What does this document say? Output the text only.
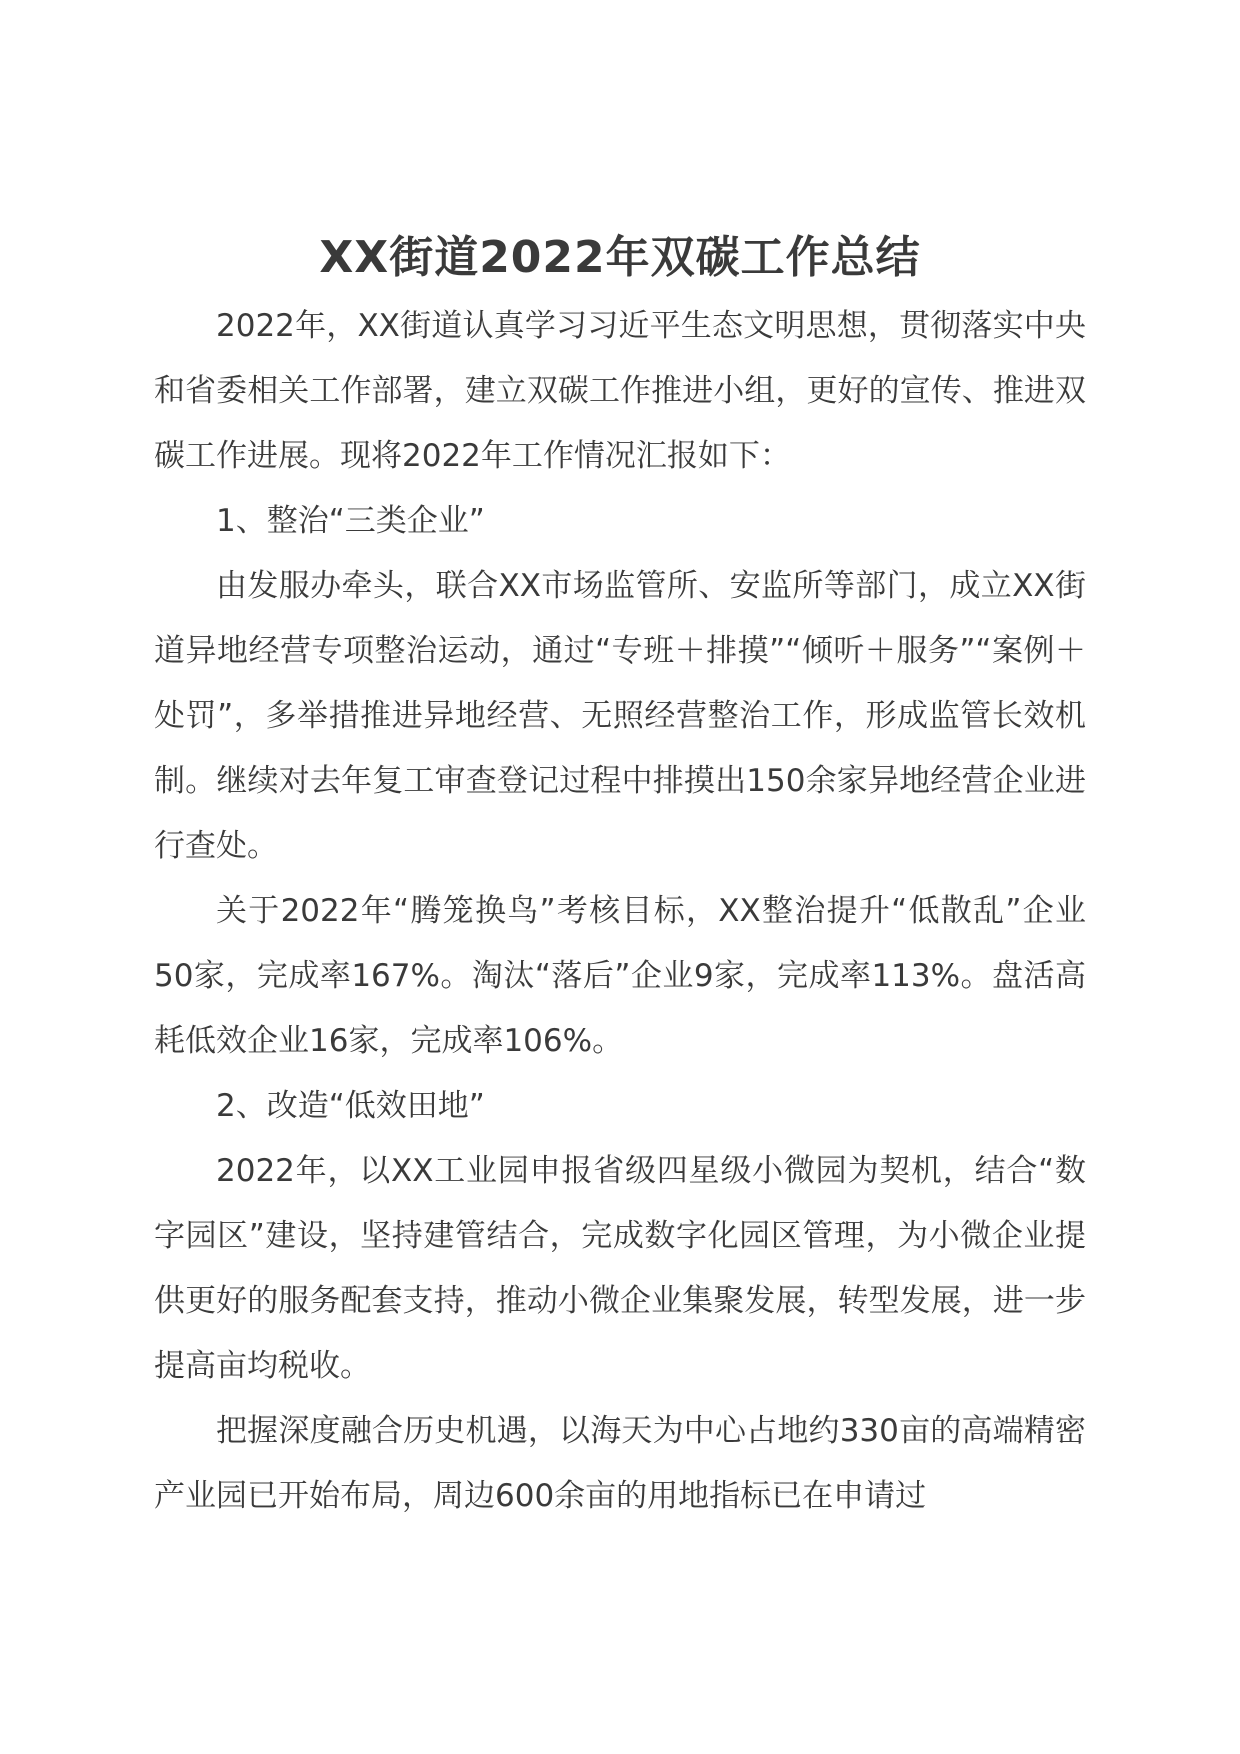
XX街道2022年双碳工作总结

2022年，XX街道认真学习习近平生态文明思想，贯彻落实中央和省委相关工作部署，建立双碳工作推进小组，更好的宣传、推进双碳工作进展。现将2022年工作情况汇报如下：

1、整治“三类企业”

由发服办牵头，联合XX市场监管所、安监所等部门，成立XX街道异地经营专项整治运动，通过“专班＋排摸”“倾听＋服务”“案例＋处罚”，多举措推进异地经营、无照经营整治工作，形成监管长效机制。继续对去年复工审查登记过程中排摸出150余家异地经营企业进行查处。

关于2022年“腾笼换鸟”考核目标，XX整治提升“低散乱”企业50家，完成率167%。淘汰“落后”企业9家，完成率113%。盘活高耗低效企业16家，完成率106%。

2、改造“低效田地”

2022年，以XX工业园申报省级四星级小微园为契机，结合“数字园区”建设，坚持建管结合，完成数字化园区管理，为小微企业提供更好的服务配套支持，推动小微企业集聚发展，转型发展，进一步提高亩均税收。

把握深度融合历史机遇，以海天为中心占地约330亩的高端精密产业园已开始布局，周边600余亩的用地指标已在申请过
